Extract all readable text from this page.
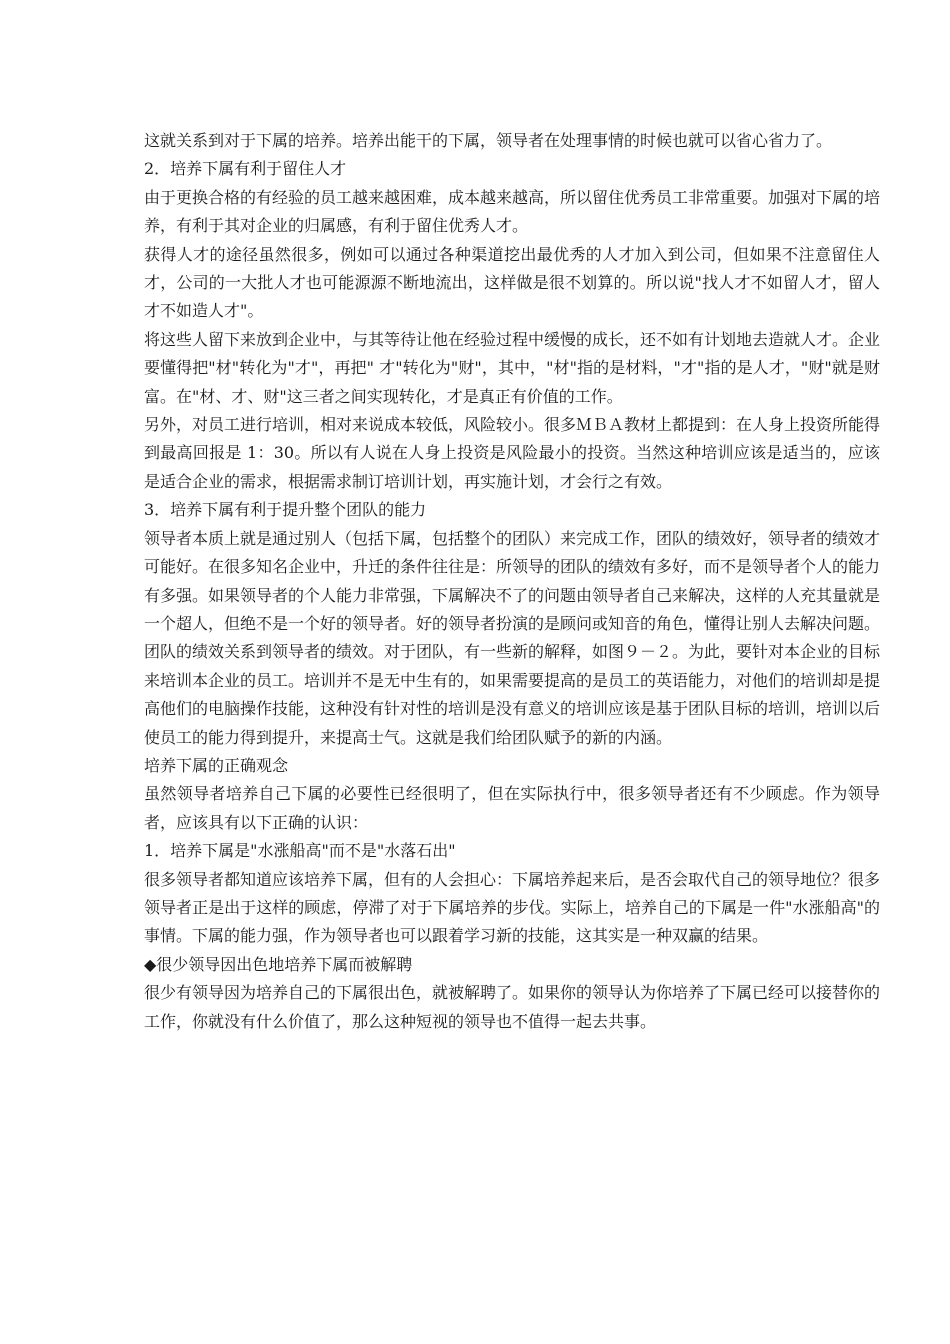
这就关系到对于下属的培养。培养出能干的下属，领导者在处理事情的时候也就可以省心省力了。

2．培养下属有利于留住人才

由于更换合格的有经验的员工越来越困难，成本越来越高，所以留住优秀员工非常重要。加强对下属的培养，有利于其对企业的归属感，有利于留住优秀人才。

获得人才的途径虽然很多，例如可以通过各种渠道挖出最优秀的人才加入到公司，但如果不注意留住人才，公司的一大批人才也可能源源不断地流出，这样做是很不划算的。所以说"找人才不如留人才，留人才不如造人才"。

将这些人留下来放到企业中，与其等待让他在经验过程中缓慢的成长，还不如有计划地去造就人才。企业要懂得把"材"转化为"才"，再把" 才"转化为"财"，其中，"材"指的是材料，"才"指的是人才，"财"就是财富。在"材、才、财"这三者之间实现转化，才是真正有价值的工作。

另外，对员工进行培训，相对来说成本较低，风险较小。很多ＭＢＡ教材上都提到：在人身上投资所能得到最高回报是 1：30。所以有人说在人身上投资是风险最小的投资。当然这种培训应该是适当的，应该是适合企业的需求，根据需求制订培训计划，再实施计划，才会行之有效。

3．培养下属有利于提升整个团队的能力

领导者本质上就是通过别人（包括下属，包括整个的团队）来完成工作，团队的绩效好，领导者的绩效才可能好。在很多知名企业中，升迁的条件往往是：所领导的团队的绩效有多好，而不是领导者个人的能力有多强。如果领导者的个人能力非常强，下属解决不了的问题由领导者自己来解决，这样的人充其量就是一个超人，但绝不是一个好的领导者。好的领导者扮演的是顾问或知音的角色，懂得让别人去解决问题。

团队的绩效关系到领导者的绩效。对于团队，有一些新的解释，如图９－２。为此，要针对本企业的目标来培训本企业的员工。培训并不是无中生有的，如果需要提高的是员工的英语能力，对他们的培训却是提高他们的电脑操作技能，这种没有针对性的培训是没有意义的培训应该是基于团队目标的培训，培训以后使员工的能力得到提升，来提高士气。这就是我们给团队赋予的新的内涵。

培养下属的正确观念

虽然领导者培养自己下属的必要性已经很明了，但在实际执行中，很多领导者还有不少顾虑。作为领导者，应该具有以下正确的认识：

1．培养下属是"水涨船高"而不是"水落石出"

很多领导者都知道应该培养下属，但有的人会担心：下属培养起来后，是否会取代自己的领导地位？很多领导者正是出于这样的顾虑，停滞了对于下属培养的步伐。实际上，培养自己的下属是一件"水涨船高"的事情。下属的能力强，作为领导者也可以跟着学习新的技能，这其实是一种双赢的结果。

◆很少领导因出色地培养下属而被解聘

很少有领导因为培养自己的下属很出色，就被解聘了。如果你的领导认为你培养了下属已经可以接替你的工作，你就没有什么价值了，那么这种短视的领导也不值得一起去共事。
